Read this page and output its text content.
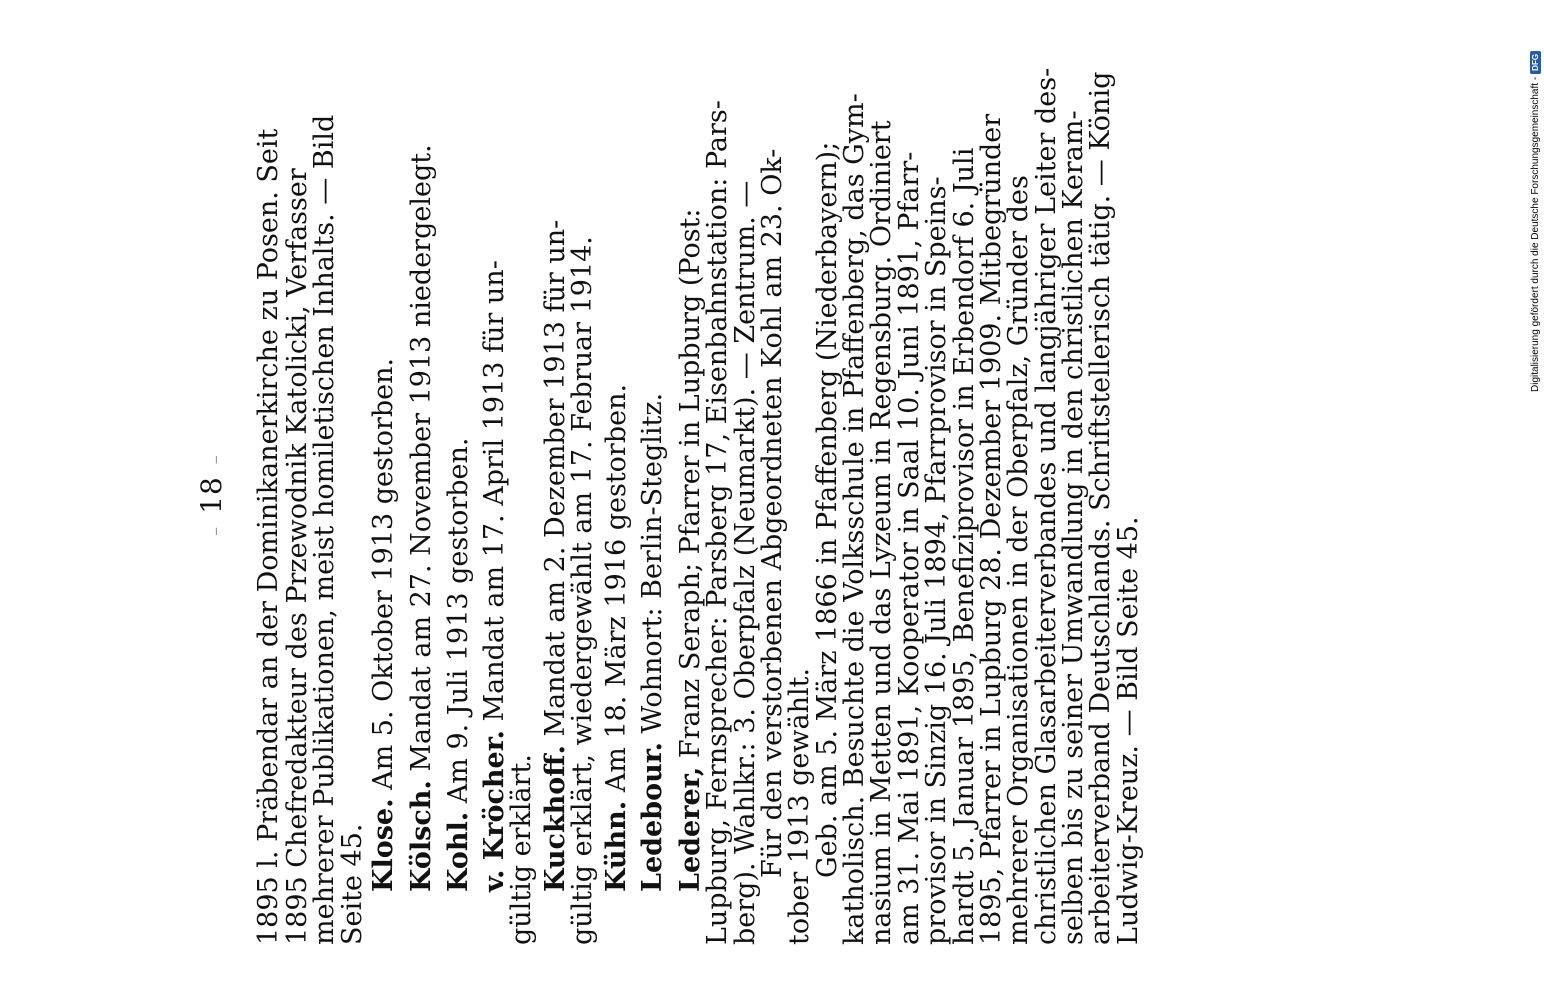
–18– 1895 l. Präbendar an der Dominikanerkirche zu Posen. Seit
1895 Chefredakteur des Przewodnik Katolicki, Verfasser
mehrerer Publikationen, meist homiletischen Inhalts. — Bild
Seite 45. Klose. Am 5. Oktober 1913 gestorben.
Kölsch. Mandat am 27. November 1913 niedergelegt.
Kohl. Am 9. Juli 1913 gestorben. v. Kröcher. Mandat am 17. April 1913 für un-
gültig erklärt. Kuckhoff. Mandat am 2. Dezember 1913 für un-
gültig erklärt, wiedergewählt am 17. Februar 1914. Kühn. Am 18. März 1916 gestorben.
Ledebour. Wohnort: Berlin-Steglitz.
Lederer, Franz Seraph; Pfarrer in Lupburg (Post:
Lupburg, Fernsprecher: Parsberg 17, Eisenbahnstation: Pars-
berg). Wahlkr.: 3. Oberpfalz (Neumarkt). — Zentrum. —
Für den verstorbenen Abgeordneten Kohl am 23. Ok-
tober 1913 gewählt.
Geb. am 5. März 1866 in Pfaffenberg (Niederbayern);
katholisch. Besuchte die Volksschule in Pfaffenberg, das Gym-
nasium in Metten und das Lyzeum in Regensburg. Ordiniert
am 31. Mai 1891, Kooperator in Saal 10. Juni 1891, Pfarr-
provisor in Sinzig 16. Juli 1894, Pfarrprovisor in Speins-
hardt 5. Januar 1895, Benefiziprovisor in Erbendorf 6. Juli
1895, Pfarrer in Lupburg 28. Dezember 1909. Mitbegründer
mehrerer Organisationen in der Oberpfalz, Gründer des
christlichen Glasarbeiterverbandes und langjähriger Leiter des-
selben bis zu seiner Umwandlung in den christlichen Keram-
arbeiterverband Deutschlands. Schriftstellerisch tätig. — König
Ludwig-Kreuz. — Bild Seite 45.
Digitalisierung gefördert durch die Deutsche Forschungsgemeinschaft -
DFG
